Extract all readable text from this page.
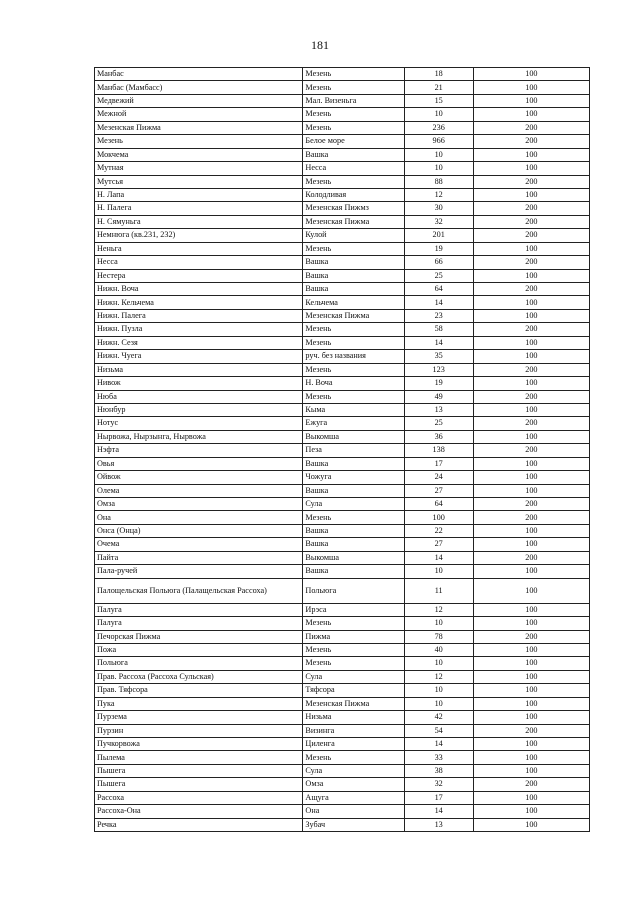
181
Манбас	Мезень	18	100
Манбас (Мамбасс)	Мезень	21	100
Медвежий	Мал. Визеньга	15	100
Межной	Мезень	10	100
Мезенская Пижма	Мезень	236	200
Мезень	Белое море	966	200
Мокчема	Вашка	10	100
Мутная	Несса	10	100
Мутсья	Мезень	88	200
Н. Лапа	Колодливая	12	100
Н. Палега	Мезенская Пижмз	30	200
Н. Сямуньга	Мезенская Пижма	32	200
Немнюга (кв.231, 232)	Кулой	201	200
Неньга	Мезень	19	100
Несса	Вашка	66	200
Нестера	Вашка	25	100
Нижн. Воча	Вашка	64	200
Нижн. Кельчема	Кельчема	14	100
Нижн. Палега	Мезенская Пижма	23	100
Нижн. Пузла	Мезень	58	200
Нижн. Сезя	Мезень	14	100
Нижн. Чуега	руч. без названия	35	100
Низьма	Мезень	123	200
Нивож	Н. Воча	19	100
Нюба	Мезень	49	200
Нюнбур	Кыма	13	100
Нотус	Ежуга	25	200
Нырвожа, Нырзынга, Нырвожа	Выкомша	36	100
Нэфта	Пеза	138	200
Овья	Вашка	17	100
Ойвож	Чожуга	24	100
Олема	Вашка	27	100
Омза	Сула	64	200
Она	Мезень	100	200
Онса (Онца)	Вашка	22	100
Очема	Вашка	27	100
Пайта	Выкомша	14	200
Пала-ручей	Вашка	10	100
Палощельская Польюга (Палащельская Рассоха)	Польюга	11	100
Палуга	Ирэса	12	100
Палуга	Мезень	10	100
Печорская Пижма	Пижма	78	200
Пожа	Мезень	40	100
Польюга	Мезень	10	100
Прав. Рассоха (Рассоха Сульская)	Сула	12	100
Прав. Тяфсора	Тяфсора	10	100
Пука	Мезенская Пижма	10	100
Пурзема	Низьма	42	100
Пурзин	Визинга	54	200
Пучкорвожа	Циленга	14	100
Пылема	Мезень	33	100
Пышега	Сула	38	100
Пышега	Омза	32	200
Рассоха	Ащуга	17	100
Рассоха-Она	Она	14	100
Речка	Зубач	13	100
